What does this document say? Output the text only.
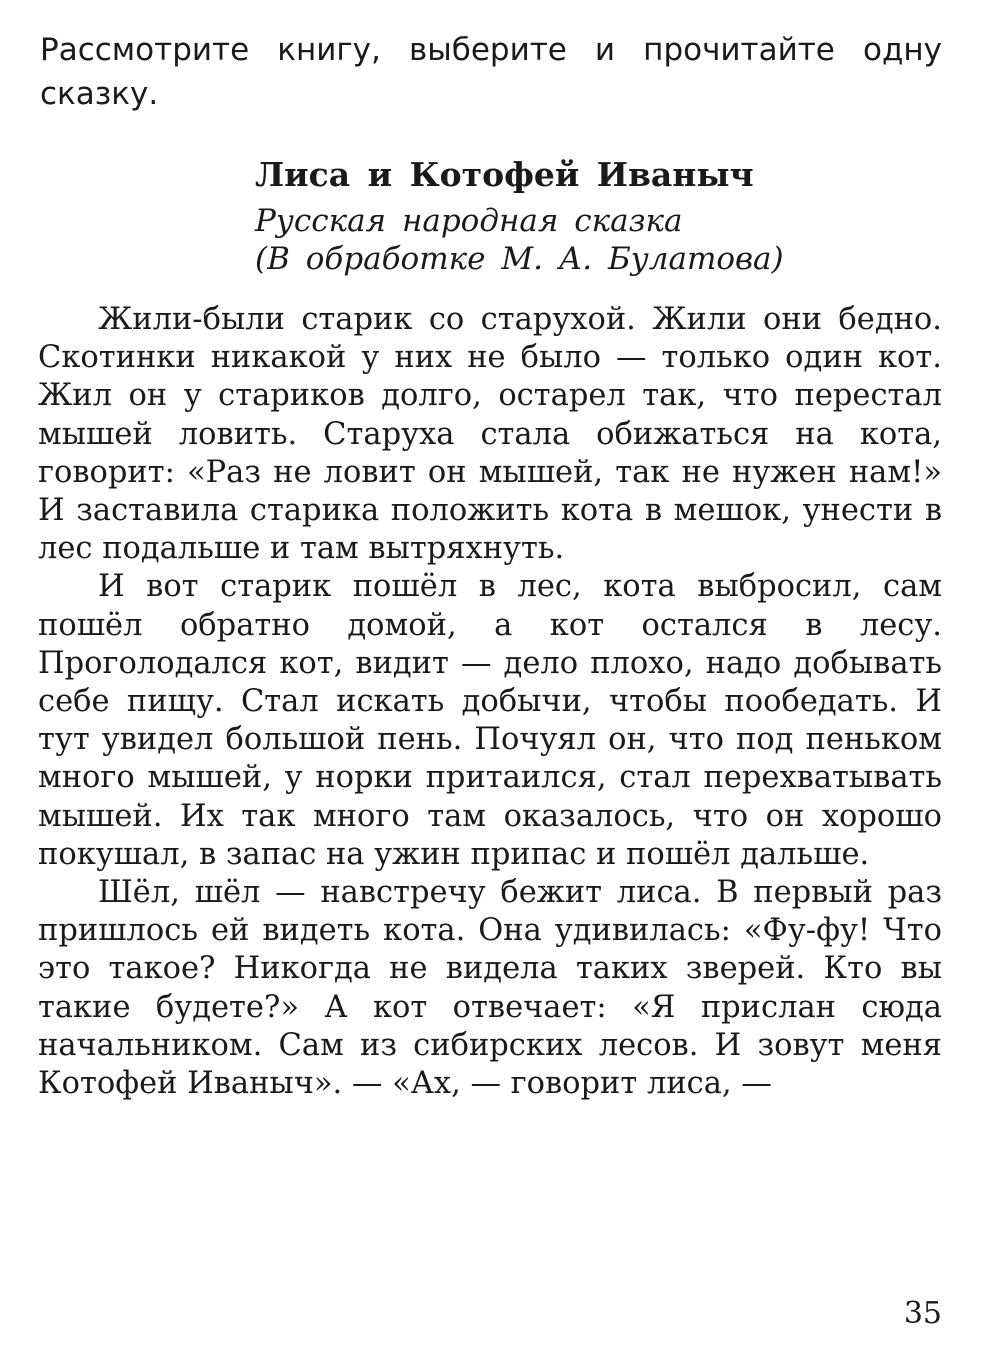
Рассмотрите книгу, выберите и прочитайте одну сказку.

Лиса и Котофей Иваныч
Русская народная сказка
(В обработке М. А. Булатова)

Жили-были старик со старухой. Жили они бедно. Скотинки никакой у них не было — только один кот. Жил он у стариков долго, остарел так, что перестал мышей ловить. Старуха стала обижаться на кота, говорит: «Раз не ловит он мышей, так не нужен нам!» И заставила старика положить кота в мешок, унести в лес подальше и там вытряхнуть.

И вот старик пошёл в лес, кота выбросил, сам пошёл обратно домой, а кот остался в лесу. Проголодался кот, видит — дело плохо, надо добывать себе пищу. Стал искать добычи, чтобы пообедать. И тут увидел большой пень. Почуял он, что под пеньком много мышей, у норки притаился, стал перехватывать мышей. Их так много там оказалось, что он хорошо покушал, в запас на ужин припас и пошёл дальше.

Шёл, шёл — навстречу бежит лиса. В первый раз пришлось ей видеть кота. Она удивилась: «Фу-фу! Что это такое? Никогда не видела таких зверей. Кто вы такие будете?» А кот отвечает: «Я прислан сюда начальником. Сам из сибирских лесов. И зовут меня Котофей Иваныч». — «Ах, — говорит лиса, —

35
